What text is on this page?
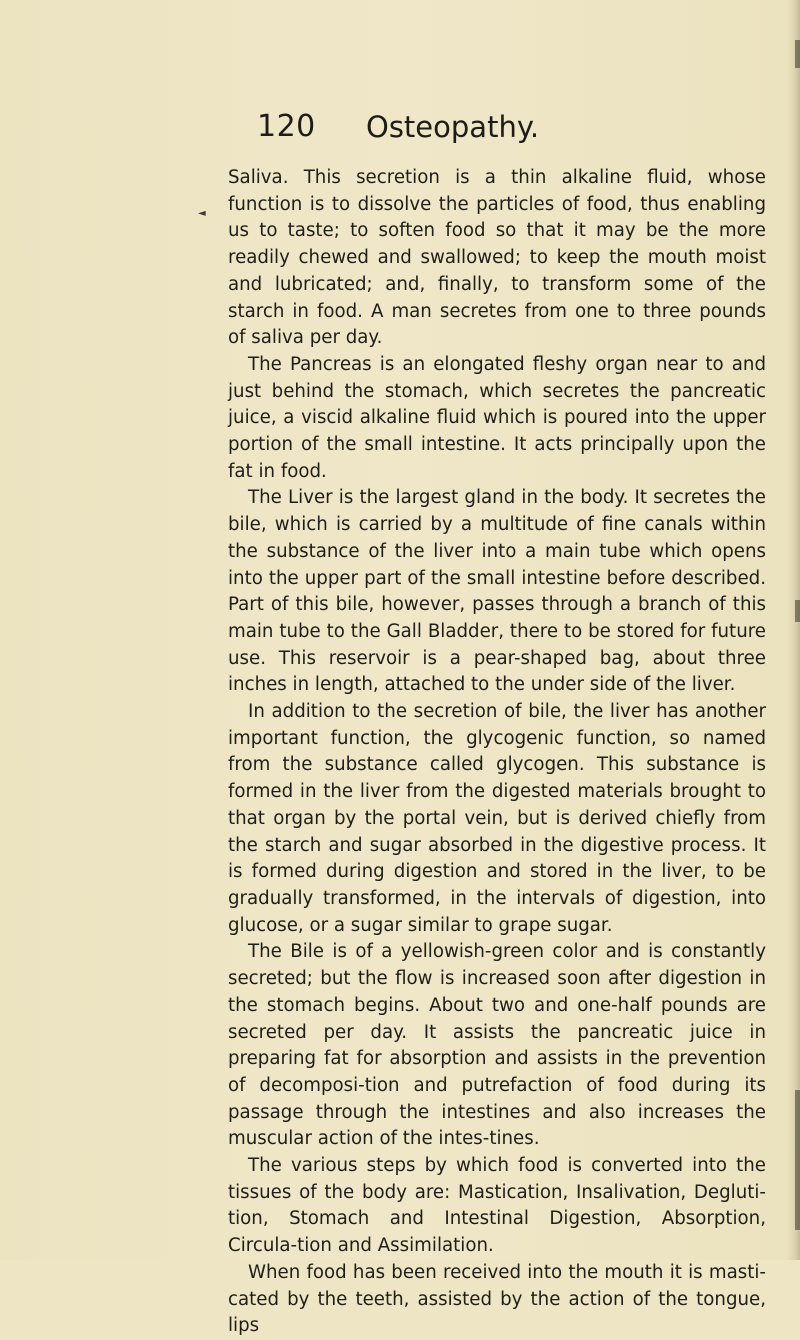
120 Osteopathy.
◄

Saliva. This secretion is a thin alkaline fluid, whose function is to dissolve the particles of food, thus enabling us to taste; to soften food so that it may be the more readily chewed and swallowed; to keep the mouth moist and lubricated; and, finally, to transform some of the starch in food. A man secretes from one to three pounds of saliva per day.

The Pancreas is an elongated fleshy organ near to and just behind the stomach, which secretes the pancreatic juice, a viscid alkaline fluid which is poured into the upper portion of the small intestine. It acts principally upon the fat in food.

The Liver is the largest gland in the body. It secretes the bile, which is carried by a multitude of fine canals within the substance of the liver into a main tube which opens into the upper part of the small intestine before described. Part of this bile, however, passes through a branch of this main tube to the Gall Bladder, there to be stored for future use. This reservoir is a pear-shaped bag, about three inches in length, attached to the under side of the liver.

In addition to the secretion of bile, the liver has another important function, the glycogenic function, so named from the substance called glycogen. This substance is formed in the liver from the digested materials brought to that organ by the portal vein, but is derived chiefly from the starch and sugar absorbed in the digestive process. It is formed during digestion and stored in the liver, to be gradually transformed, in the intervals of digestion, into glucose, or a sugar similar to grape sugar.

The Bile is of a yellowish-green color and is constantly secreted; but the flow is increased soon after digestion in the stomach begins. About two and one-half pounds are secreted per day. It assists the pancreatic juice in preparing fat for absorption and assists in the prevention of decomposi-tion and putrefaction of food during its passage through the intestines and also increases the muscular action of the intes-tines.

The various steps by which food is converted into the tissues of the body are: Mastication, Insalivation, Degluti-tion, Stomach and Intestinal Digestion, Absorption, Circula-tion and Assimilation.

When food has been received into the mouth it is masti-cated by the teeth, assisted by the action of the tongue, lips
